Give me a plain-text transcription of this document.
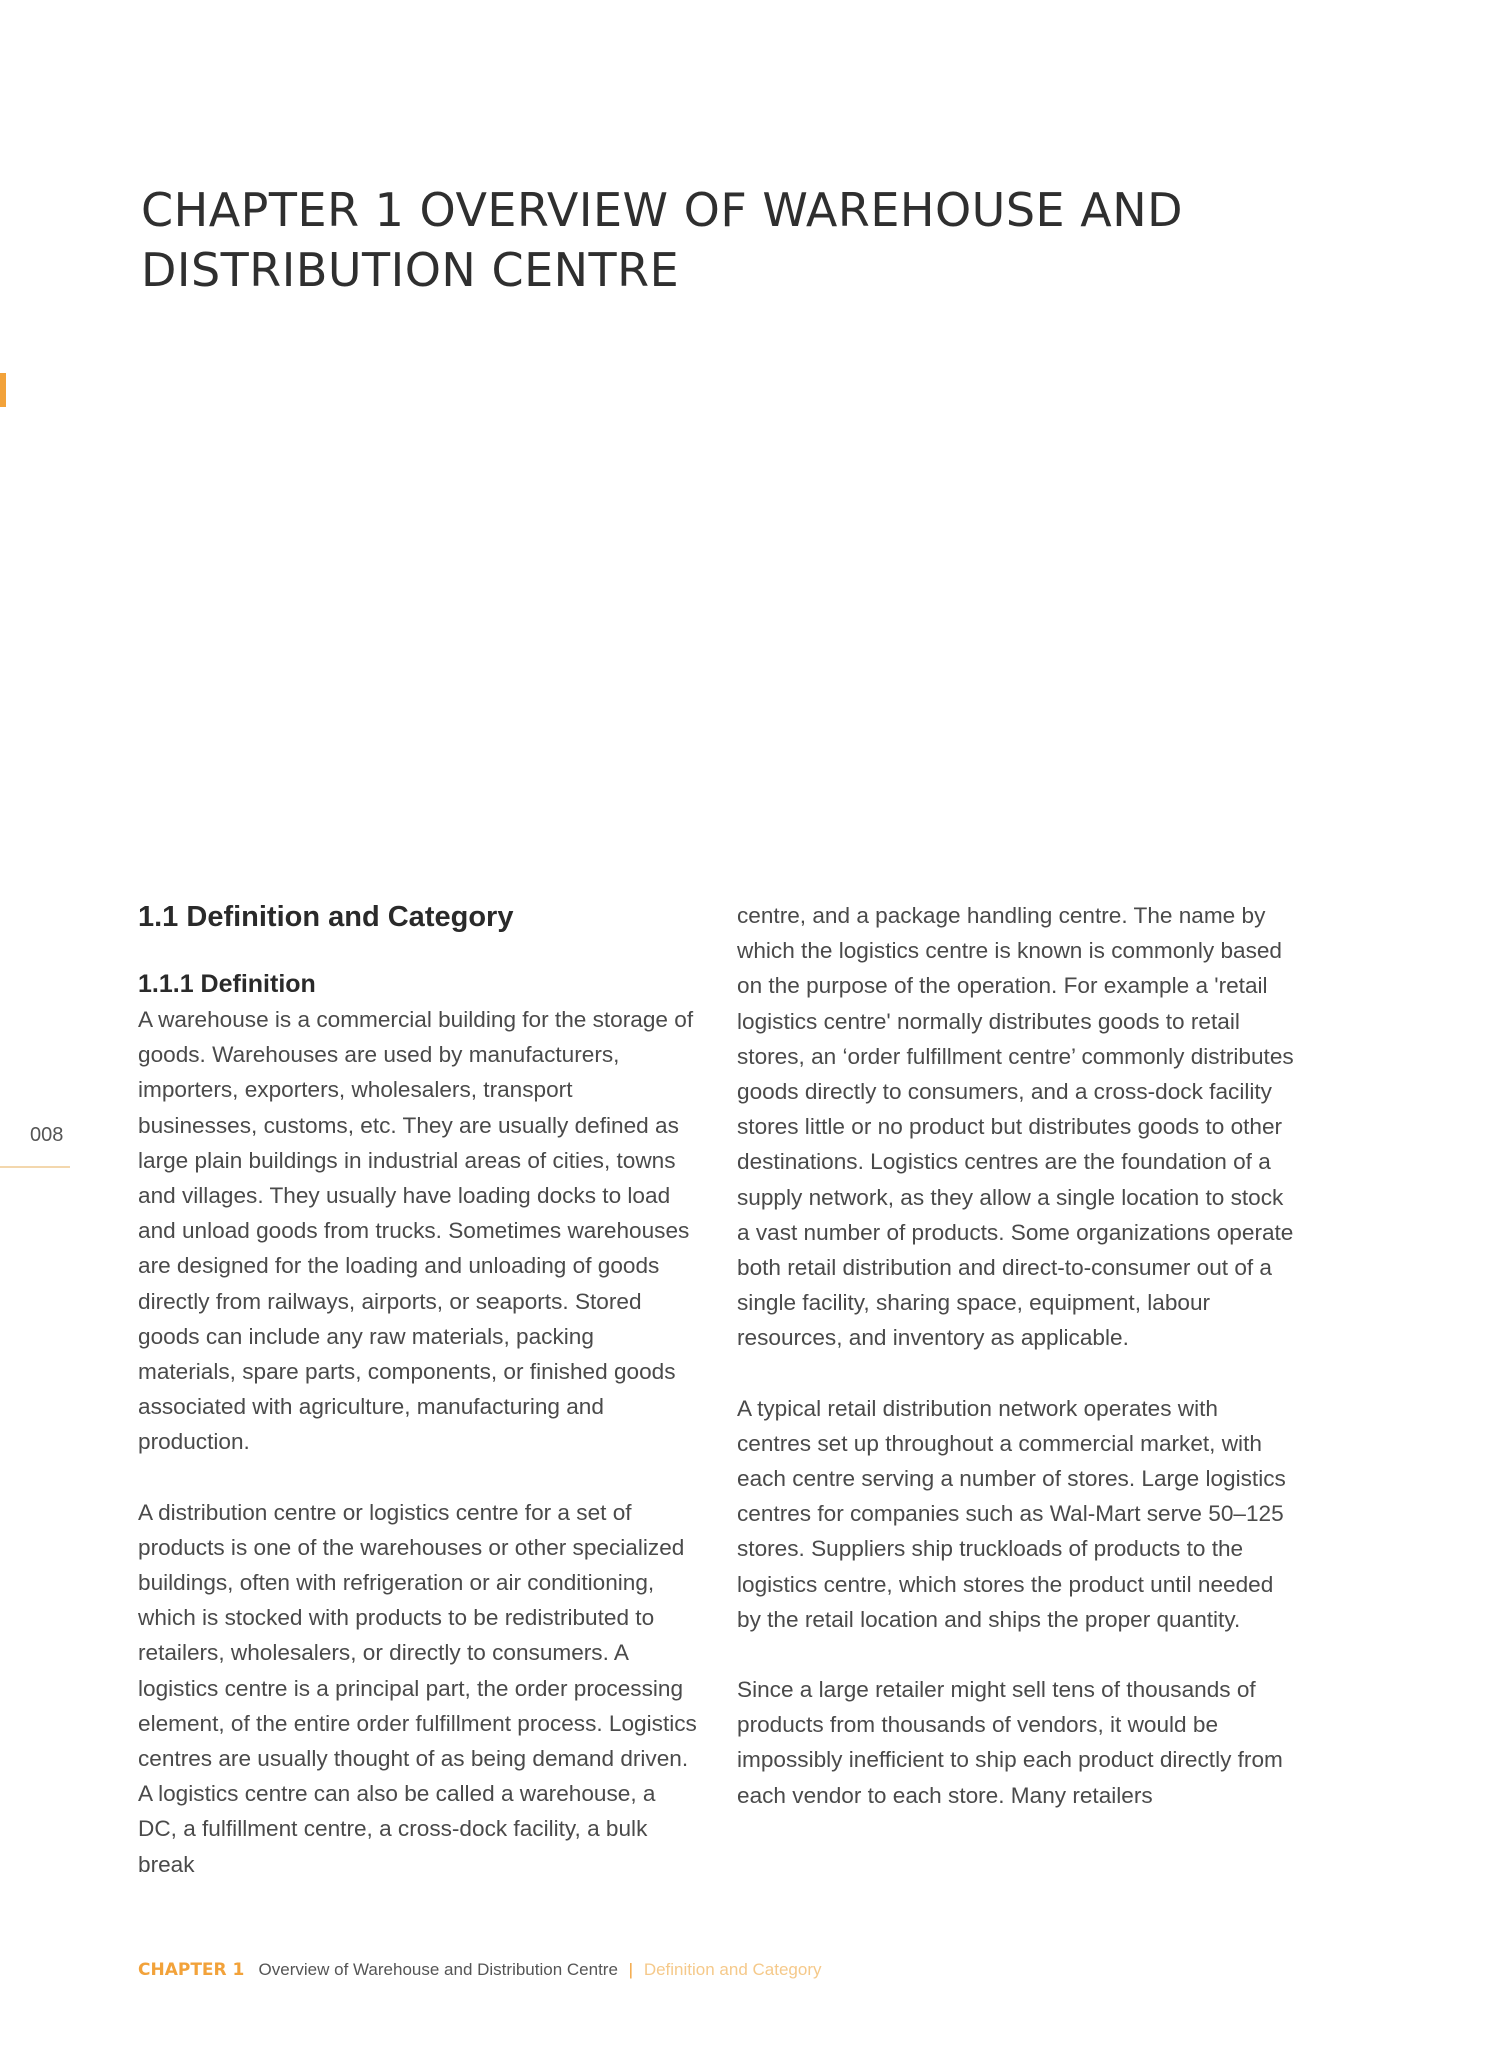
CHAPTER 1 OVERVIEW OF WAREHOUSE AND
DISTRIBUTION CENTRE
008
1.1 Definition and Category
1.1.1 Definition

A warehouse is a commercial building for the storage of goods. Warehouses are used by manufacturers, importers, exporters, wholesalers, transport businesses, customs, etc. They are usually defined as large plain buildings in industrial areas of cities, towns and villages. They usually have loading docks to load and unload goods from trucks. Sometimes warehouses are designed for the loading and unloading of goods directly from railways, airports, or seaports. Stored goods can include any raw materials, packing materials, spare parts, components, or finished goods associated with agriculture, manufacturing and production.

A distribution centre or logistics centre for a set of products is one of the warehouses or other specialized buildings, often with refrigeration or air conditioning, which is stocked with products to be redistributed to retailers, wholesalers, or directly to consumers. A logistics centre is a principal part, the order processing element, of the entire order fulfillment process. Logistics centres are usually thought of as being demand driven. A logistics centre can also be called a warehouse, a DC, a fulfillment centre, a cross-dock facility, a bulk break

centre, and a package handling centre. The name by which the logistics centre is known is commonly based on the purpose of the operation. For example a 'retail logistics centre' normally distributes goods to retail stores, an ‘order fulfillment centre’ commonly distributes goods directly to consumers, and a cross-dock facility stores little or no product but distributes goods to other destinations. Logistics centres are the foundation of a supply network, as they allow a single location to stock a vast number of products. Some organizations operate both retail distribution and direct-to-consumer out of a single facility, sharing space, equipment, labour resources, and inventory as applicable.

A typical retail distribution network operates with centres set up throughout a commercial market, with each centre serving a number of stores. Large logistics centres for companies such as Wal-Mart serve 50–125 stores. Suppliers ship truckloads of products to the logistics centre, which stores the product until needed by the retail location and ships the proper quantity.

Since a large retailer might sell tens of thousands of products from thousands of vendors, it would be impossibly inefficient to ship each product directly from each vendor to each store. Many retailers

CHAPTER 1 Overview of Warehouse and Distribution Centre | Definition and Category
